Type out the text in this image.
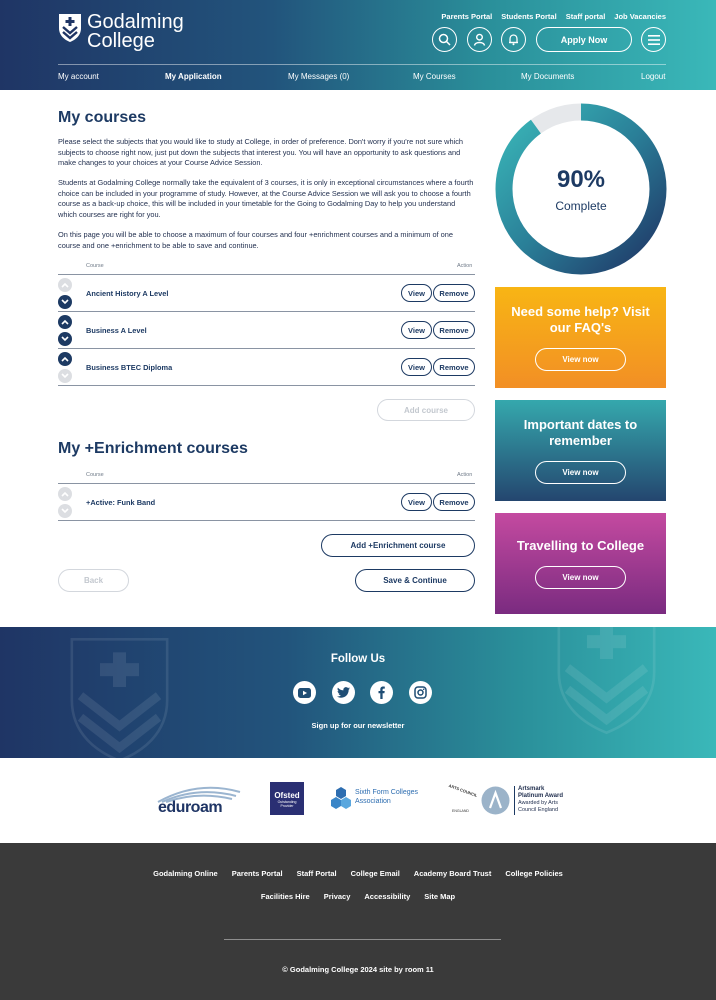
Godalming
College
Parents Portal Students Portal Staff portal Job Vacancies
Apply Now
My account	My Application	My Messages (0)	My Courses	My Documents	Logout
My courses

Please select the subjects that you would like to study at College, in order of preference. Don't worry if you're not sure which subjects to choose right now, just put down the subjects that interest you. You will have an opportunity to ask questions and make changes to your choices at your Course Advice Session.

Students at Godalming College normally take the equivalent of 3 courses, it is only in exceptional circumstances where a fourth choice can be included in your programme of study. However, at the Course Advice Session we will ask you to choose a fourth course as a back-up choice, this will be included in your timetable for the Going to Godalming Day to help you understand which courses are right for you.

On this page you will be able to choose a maximum of four courses and four +enrichment courses and a minimum of one course and one +enrichment to be able to save and continue.

Course	Action
Ancient History A Level	View	Remove
Business A Level	View	Remove
Business BTEC Diploma	View	Remove
Add course
My +Enrichment courses
Course	Action
+Active: Funk Band	View	Remove
Add +Enrichment course
Back	Save & Continue
90%
Complete
Need some help? Visit our FAQ's
View now
Important dates to remember
View now
Travelling to College
View now
Follow Us
Sign up for our newsletter
eduroam
Ofsted
Outstanding
Provider
Sixth Form Colleges
Association
ARTS COUNCIL
ENGLAND
Artsmark
Platinum Award
Awarded by Arts
Council England
Godalming Online Parents Portal Staff Portal College Email Academy Board Trust College Policies
Facilities Hire Privacy Accessibility Site Map
© Godalming College 2024 site by room 11
